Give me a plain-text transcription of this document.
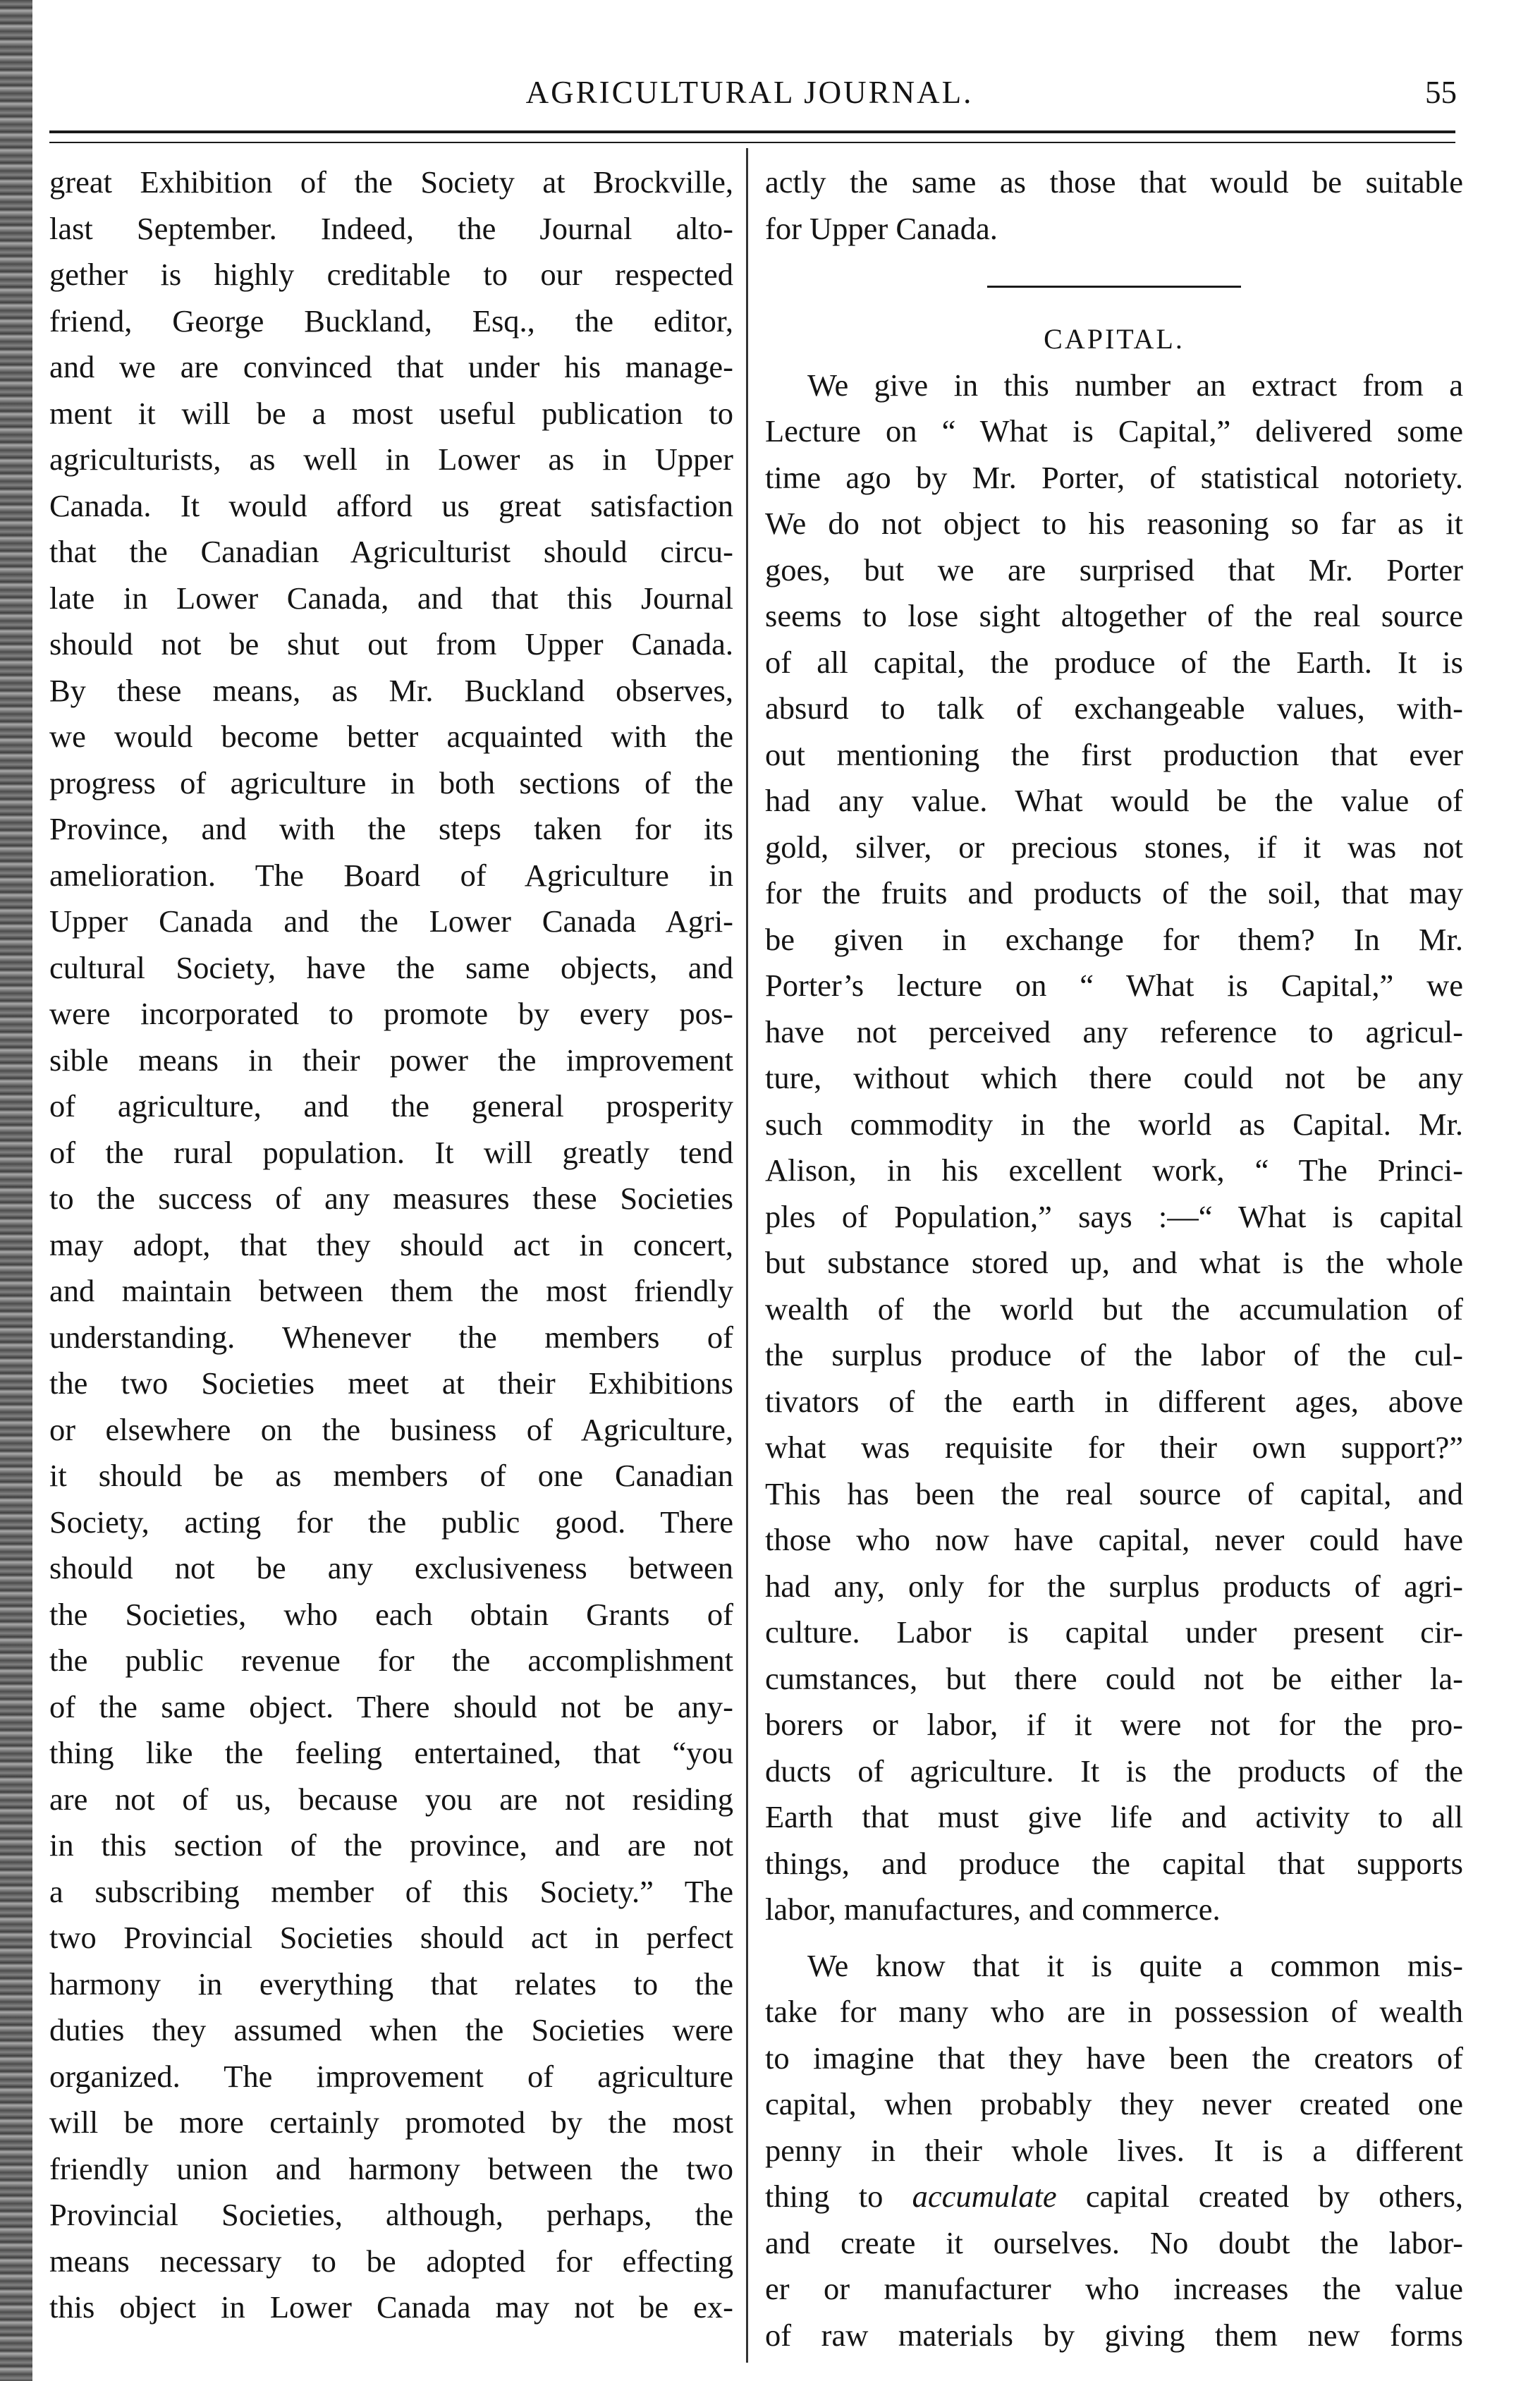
AGRICULTURAL JOURNAL.	55

great Exhibition of the Society at Brockville,
last September. Indeed, the Journal alto-
gether is highly creditable to our respected
friend, George Buckland, Esq., the editor,
and we are convinced that under his manage-
ment it will be a most useful publication to
agriculturists, as well in Lower as in Upper
Canada. It would afford us great satisfaction
that the Canadian Agriculturist should circu-
late in Lower Canada, and that this Journal
should not be shut out from Upper Canada.
By these means, as Mr. Buckland observes,
we would become better acquainted with the
progress of agriculture in both sections of the
Province, and with the steps taken for its
amelioration. The Board of Agriculture in
Upper Canada and the Lower Canada Agri-
cultural Society, have the same objects, and
were incorporated to promote by every pos-
sible means in their power the improvement
of agriculture, and the general prosperity
of the rural population. It will greatly tend
to the success of any measures these Societies
may adopt, that they should act in concert,
and maintain between them the most friendly
understanding. Whenever the members of
the two Societies meet at their Exhibitions
or elsewhere on the business of Agriculture,
it should be as members of one Canadian
Society, acting for the public good. There
should not be any exclusiveness between
the Societies, who each obtain Grants of
the public revenue for the accomplishment
of the same object. There should not be any-
thing like the feeling entertained, that “you
are not of us, because you are not residing
in this section of the province, and are not
a subscribing member of this Society.” The
two Provincial Societies should act in perfect
harmony in everything that relates to the
duties they assumed when the Societies were
organized. The improvement of agriculture
will be more certainly promoted by the most
friendly union and harmony between the two
Provincial Societies, although, perhaps, the
means necessary to be adopted for effecting
this object in Lower Canada may not be ex-

actly the same as those that would be suitable
for Upper Canada.

CAPITAL.

We give in this number an extract from a
Lecture on “ What is Capital,” delivered some
time ago by Mr. Porter, of statistical notoriety.
We do not object to his reasoning so far as it
goes, but we are surprised that Mr. Porter
seems to lose sight altogether of the real source
of all capital, the produce of the Earth. It is
absurd to talk of exchangeable values, with-
out mentioning the first production that ever
had any value. What would be the value of
gold, silver, or precious stones, if it was not
for the fruits and products of the soil, that may
be given in exchange for them? In Mr.
Porter’s lecture on “ What is Capital,” we
have not perceived any reference to agricul-
ture, without which there could not be any
such commodity in the world as Capital. Mr.
Alison, in his excellent work, “ The Princi-
ples of Population,” says :—“ What is capital
but substance stored up, and what is the whole
wealth of the world but the accumulation of
the surplus produce of the labor of the cul-
tivators of the earth in different ages, above
what was requisite for their own support?”
This has been the real source of capital, and
those who now have capital, never could have
had any, only for the surplus products of agri-
culture. Labor is capital under present cir-
cumstances, but there could not be either la-
borers or labor, if it were not for the pro-
ducts of agriculture. It is the products of the
Earth that must give life and activity to all
things, and produce the capital that supports
labor, manufactures, and commerce.

We know that it is quite a common mis-
take for many who are in possession of wealth
to imagine that they have been the creators of
capital, when probably they never created one
penny in their whole lives. It is a different
thing to accumulate capital created by others,
and create it ourselves. No doubt the labor-
er or manufacturer who increases the value
of raw materials by giving them new forms
